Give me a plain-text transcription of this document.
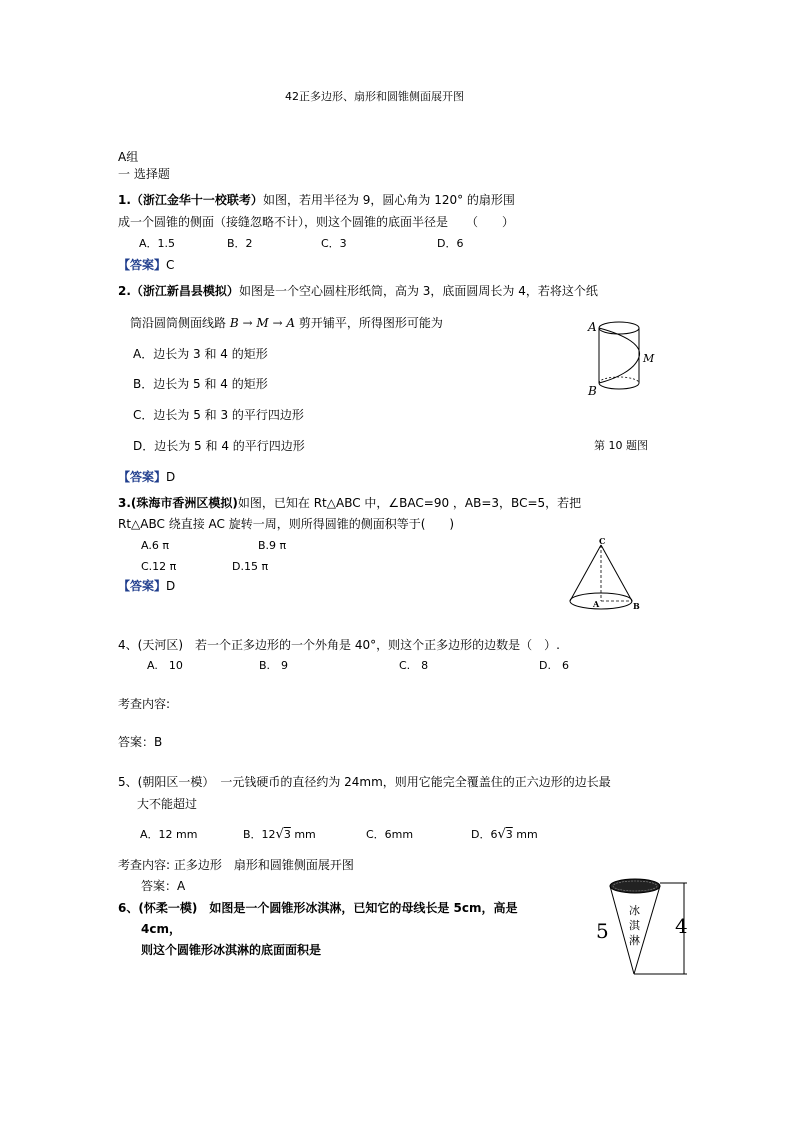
42正多边形、扇形和圆锥侧面展开图
A组
一 选择题
1.（浙江金华十一校联考）如图，若用半径为 9，圆心角为 120° 的扇形围
成一个圆锥的侧面（接缝忽略不计），则这个圆锥的底面半径是　　（　　）
A．1.5	B．2	C．3	D．6
【答案】C
2.（浙江新昌县模拟）如图是一个空心圆柱形纸筒，高为 3，底面圆周长为 4，若将这个纸
筒沿圆筒侧面线路 B → M → A 剪开铺平，所得图形可能为
A．边长为 3 和 4 的矩形
B．边长为 5 和 4 的矩形
C．边长为 5 和 3 的平行四边形
D．边长为 5 和 4 的平行四边形
A
B
M
第 10 题图
【答案】D
3.(珠海市香洲区模拟)如图，已知在 Rt△ABC 中，∠BAC=90 ，AB=3，BC=5，若把
Rt△ABC 绕直接 AC 旋转一周，则所得圆锥的侧面积等于(　　)
A.6 π	B.9 π
C.12 π	D.15 π
【答案】D
C
A	B
4、(天河区)　若一个正多边形的一个外角是 40°，则这个正多边形的边数是（　）.
A.　10	B.　9	C.　8	D.　6
考查内容:
答案：B
5、(朝阳区一模）　一元钱硬币的直径约为 24mm，则用它能完全覆盖住的正六边形的边长最
大不能超过
A．12 mm	B．12√3 mm	C．6mm	D．6√3 mm
考查内容: 正多边形　扇形和圆锥侧面展开图
答案：A
6、(怀柔一模)　如图是一个圆锥形冰淇淋，已知它的母线长是 5cm，高是
4cm，
则这个圆锥形冰淇淋的底面面积是
5	4
冰
淇
淋
